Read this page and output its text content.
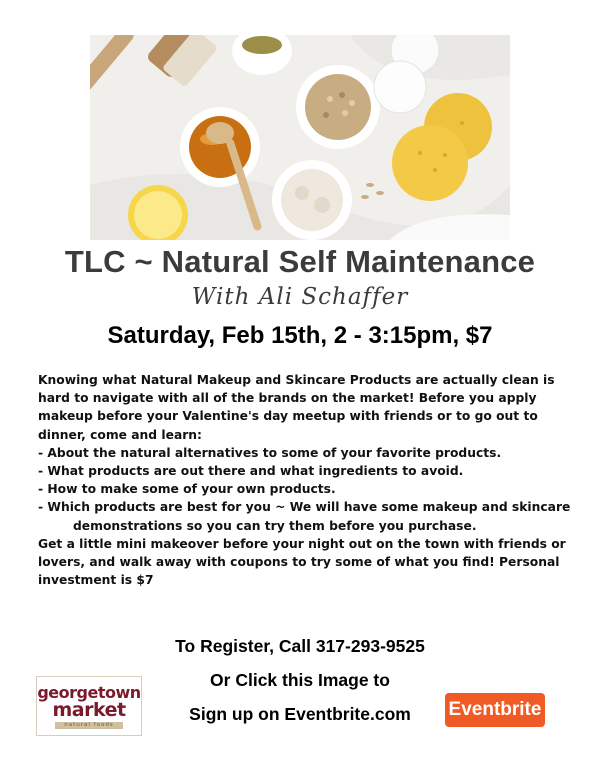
TLC ~ Natural Self Maintenance
With Ali Schaffer
Saturday, Feb 15th, 2 - 3:15pm, $7

Knowing what Natural Makeup and Skincare Products are actually clean is hard to navigate with all of the brands on the market! Before you apply makeup before your Valentine's day meetup with friends or to go out to dinner, come and learn:

- About the natural alternatives to some of your favorite products.
- What products are out there and what ingredients to avoid.
- How to make some of your own products.
- Which products are best for you ~ We will have some makeup and skincare demonstrations so you can try them before you purchase.

Get a little mini makeover before your night out on the town with friends or lovers, and walk away with coupons to try some of what you find! Personal investment is $7

To Register, Call 317-293-9525
Or Click this Image to
Sign up on Eventbrite.com
georgetown
market
natural foods
Eventbrite
